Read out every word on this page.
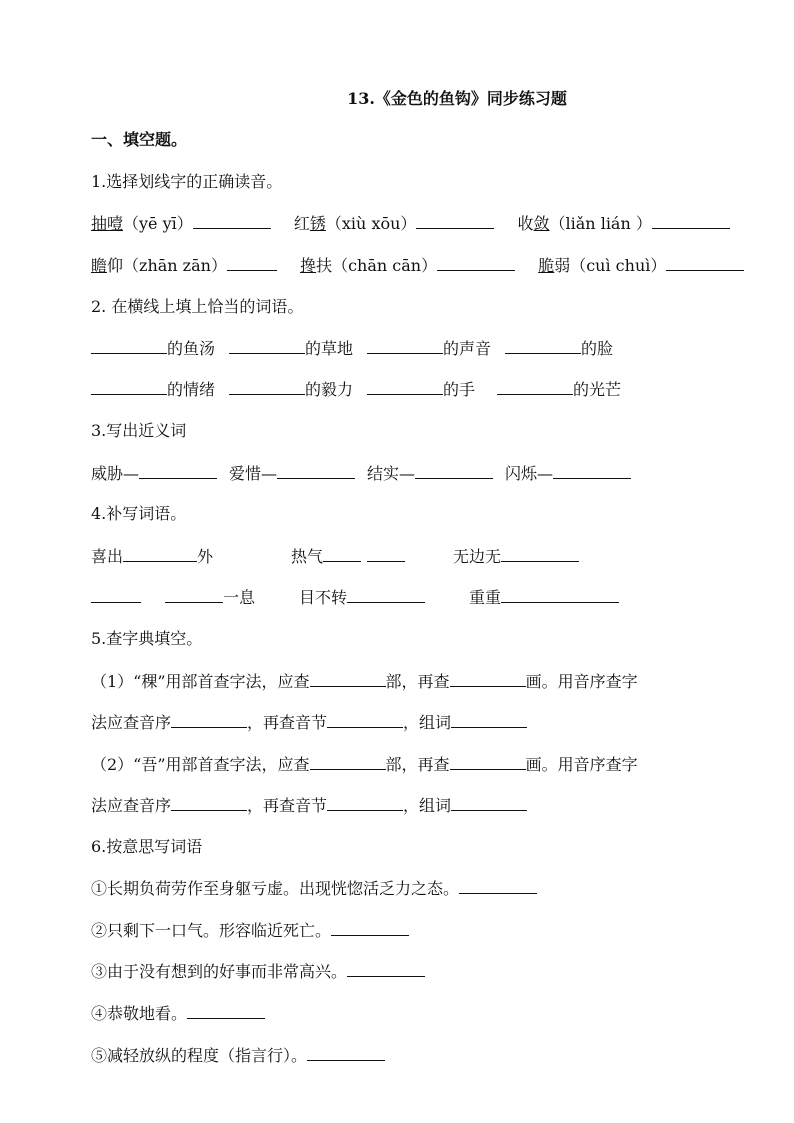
13.《金色的鱼钩》同步练习题
一、填空题。
1.选择划线字的正确读音。
抽噎（yē yī）	红锈（xiù xōu）	收敛（liǎn lián ）
瞻仰（zhān zān）	搀扶（chān cān）	脆弱（cuì chuì）
2. 在横线上填上恰当的词语。
的鱼汤	的草地	的声音	的脸
的情绪	的毅力	的手	的光芒
3.写出近义词
威胁—	爱惜—	结实—	闪烁—
4.补写词语。
喜出	外	热气	无边无
一息	目不转	重重
5.查字典填空。
（1）“稞”用部首查字法，应查	部，再查	画。用音序查字
法应查音序	，再查音节	，组词
（2）“吾”用部首查字法，应查	部，再查	画。用音序查字
法应查音序	，再查音节	，组词
6.按意思写词语
①长期负荷劳作至身躯亏虚。出现恍惚活乏力之态。
②只剩下一口气。形容临近死亡。
③由于没有想到的好事而非常高兴。
④恭敬地看。
⑤减轻放纵的程度（指言行）。
